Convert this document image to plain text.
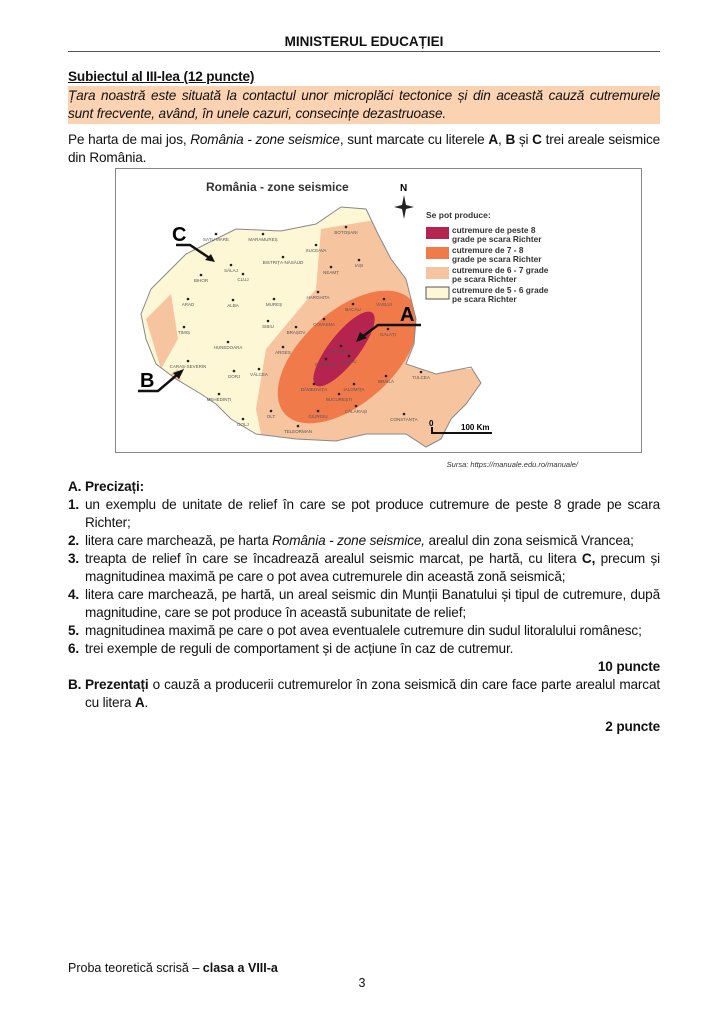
MINISTERUL EDUCAȚIEI
Subiectul al III-lea (12 puncte)
Țara noastră este situată la contactul unor microplăci tectonice și din această cauză cutremurele sunt frecvente, având, în unele cazuri, consecințe dezastruoase.
Pe harta de mai jos, România - zone seismice, sunt marcate cu literele A, B și C trei areale seismice din România.
România - zone seismice	N
C
B
A
SATU MARE	MARAMUREȘ
BOTOȘANI
SUCEAVA
BISTRIȚA-NĂSĂUD
SĂLAJ
CLUJ
BIHOR
NEAMȚ
IAȘI
HARGHITA
MUREȘ
ALBA
ARAD
BACĂU
VASLUI
COVASNA
SIBIU
BRAȘOV
TIMIȘ
VRANCEA
GALAȚI
HUNEDOARA
ARGEȘ
CARAȘ-SEVERIN	PRAHOVA
BUZĂU
BRĂILA
TULCEA
GORJ VÂLCEA
DÂMBOVIȚA	IALOMIȚA
MEHEDINȚI	BUCUREȘTI
CĂLĂRAȘI
GIURGIU
CONSTANȚA
OLT
DOLJ
TELEORMAN
Se pot produce:
cutremure de peste 8
grade pe scara Richter
cutremure de 7 - 8
grade pe scara Richter
cutremure de 6 - 7 grade
pe scara Richter
cutremure de 5 - 6 grade
pe scara Richter
0	100 Km
Sursa: https://manuale.edu.ro/manuale/
A. Precizați:
1. un exemplu de unitate de relief în care se pot produce cutremure de peste 8 grade pe scara Richter;
2. litera care marchează, pe harta România - zone seismice, arealul din zona seismică Vrancea;
3. treapta de relief în care se încadrează arealul seismic marcat, pe hartă, cu litera C, precum și magnitudinea maximă pe care o pot avea cutremurele din această zonă seismică;
4. litera care marchează, pe hartă, un areal seismic din Munții Banatului și tipul de cutremure, după magnitudine, care se pot produce în această subunitate de relief;
5. magnitudinea maximă pe care o pot avea eventualele cutremure din sudul litoralului românesc;
6. trei exemple de reguli de comportament și de acțiune în caz de cutremur.
10 puncte
B. Prezentați o cauză a producerii cutremurelor în zona seismică din care face parte arealul marcat cu litera A.
2 puncte
Proba teoretică scrisă – clasa a VIII-a
3
